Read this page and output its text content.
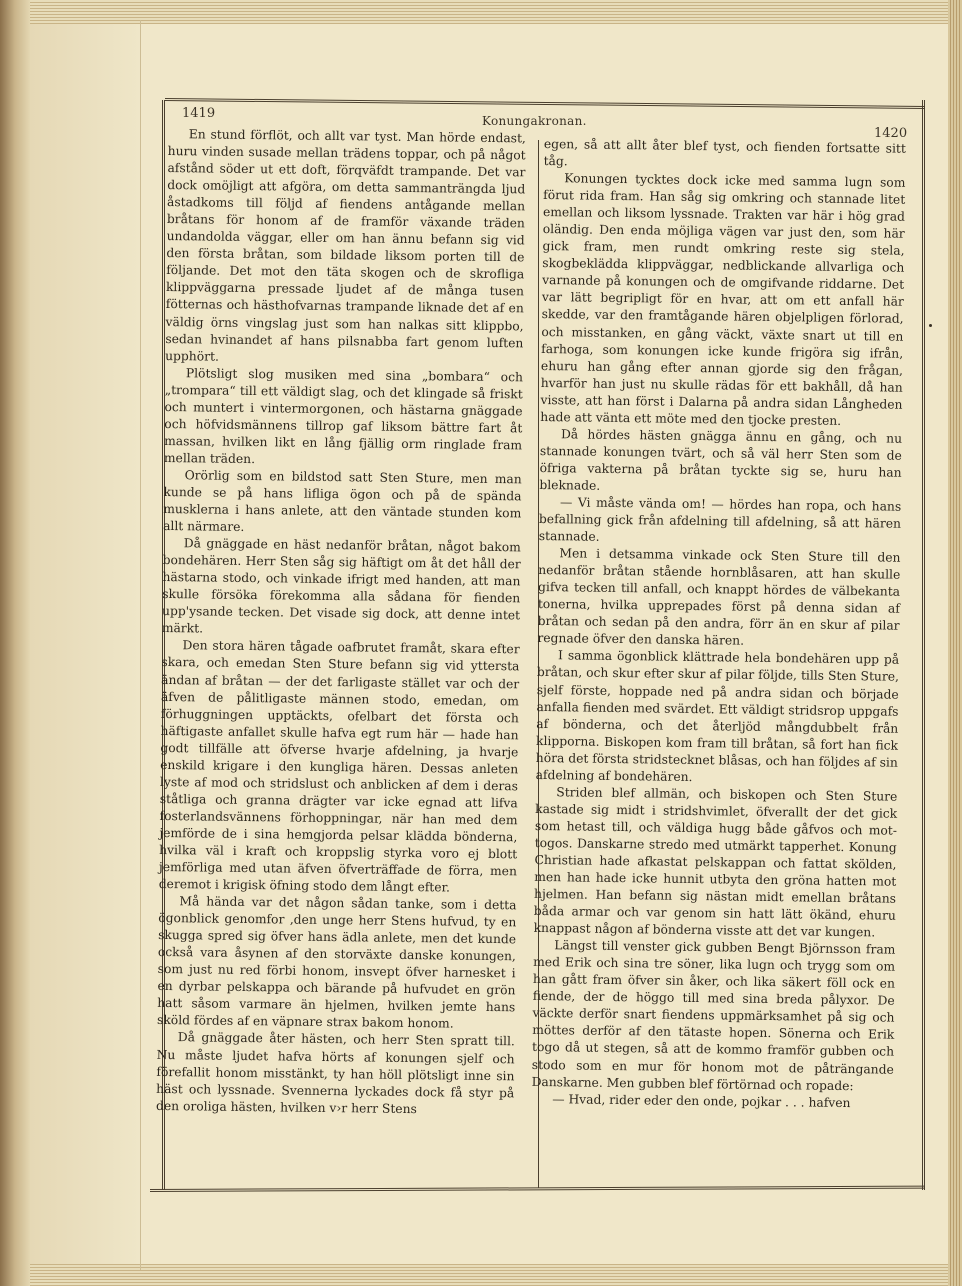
1419	Konungakronan.
1420

En stund förflöt, och allt var tyst. Man hörde endast, huru vinden susade mellan trädens toppar, och på något afstånd söder ut ett doft, förqväfdt trampande. Det var dock omöjligt att afgöra, om detta sammanträngda ljud åstadkoms till följd af fiendens antågande mellan bråtans för honom af de framför växande träden undandolda väggar, eller om han ännu befann sig vid den första bråtan, som bildade liksom porten till de följande. Det mot den täta skogen och de skrofliga klippväggarna pressade ljudet af de många tusen fötternas och hästhofvarnas trampande liknade det af en väldig örns vingslag just som han nalkas sitt klippbo, sedan hvinandet af hans pilsnabba fart genom luften upphört.

Plötsligt slog musiken med sina „bombara“ och „trompara“ till ett väldigt slag, och det klingade så friskt och muntert i vintermorgonen, och hästarna gnäggade och höfvidsmännens tillrop gaf liksom bättre fart åt massan, hvilken likt en lång fjällig orm ringlade fram mellan träden.

Orörlig som en bildstod satt Sten Sture, men man kunde se på hans lifliga ögon och på de spända musklerna i hans anlete, att den väntade stunden kom allt närmare.

Då gnäggade en häst nedanför bråtan, något bakom bondehären. Herr Sten såg sig häftigt om åt det håll der hästarna stodo, och vinkade ifrigt med handen, att man skulle försöka förekomma alla sådana för fienden upp'ysande tecken. Det visade sig dock, att denne intet märkt.

Den stora hären tågade oafbrutet framåt, skara efter skara, och emedan Sten Sture befann sig vid yttersta ändan af bråtan — der det farligaste stället var och der äfven de pålitligaste männen stodo, emedan, om förhuggningen upptäckts, ofelbart det första och häftigaste anfallet skulle hafva egt rum här — hade han godt tillfälle att öfverse hvarje afdelning, ja hvarje enskild krigare i den kungliga hären. Dessas anleten lyste af mod och stridslust och anblicken af dem i deras ståtliga och granna drägter var icke egnad att lifva fosterlandsvännens förhoppningar, när han med dem jemförde de i sina hemgjorda pelsar klädda bönderna, hvilka väl i kraft och kroppslig styrka voro ej blott jemförliga med utan äfven öfverträffade de förra, men deremot i krigisk öfning stodo dem långt efter.

Må hända var det någon sådan tanke, som i detta ögonblick genomfor ‚den unge herr Stens hufvud, ty en skugga spred sig öfver hans ädla anlete, men det kunde också vara åsynen af den storväxte danske konungen, som just nu red förbi honom, insvept öfver harnesket i en dyrbar pelskappa och bärande på hufvudet en grön hatt såsom varmare än hjelmen, hvilken jemte hans sköld fördes af en väpnare strax bakom honom.

Då gnäggade åter hästen, och herr Sten spratt till. Nu måste ljudet hafva hörts af konungen sjelf och förefallit honom misstänkt, ty han höll plötsligt inne sin häst och lyssnade. Svennerna lyckades dock få styr på den oroliga hästen, hvilken v›r herr Stens

egen, så att allt åter blef tyst, och fienden fortsatte sitt tåg.

Konungen tycktes dock icke med samma lugn som förut rida fram. Han såg sig omkring och stannade litet emellan och liksom lyssnade. Trakten var här i hög grad oländig. Den enda möjliga vägen var just den, som här gick fram, men rundt omkring reste sig stela, skogbeklädda klippväggar, nedblickande allvarliga och varnande på konungen och de omgifvande riddarne. Det var lätt begripligt för en hvar, att om ett anfall här skedde, var den framtågande hären objelpligen förlorad, och misstanken, en gång väckt, växte snart ut till en farhoga, som konungen icke kunde frigöra sig ifrån, ehuru han gång efter annan gjorde sig den frågan, hvarför han just nu skulle rädas för ett bakhåll, då han visste, att han först i Dalarna på andra sidan Långheden hade att vänta ett möte med den tjocke presten.

Då hördes hästen gnägga ännu en gång, och nu stannade konungen tvärt, och så väl herr Sten som de öfriga vakterna på bråtan tyckte sig se, huru han bleknade.

— Vi måste vända om! — hördes han ropa, och hans befallning gick från afdelning till afdelning, så att hären stannade.

Men i detsamma vinkade ock Sten Sture till den nedanför bråtan stående hornblåsaren, att han skulle gifva tecken till anfall, och knappt hördes de välbekanta tonerna, hvilka upprepades först på denna sidan af bråtan och sedan på den andra, förr än en skur af pilar regnade öfver den danska hären.

I samma ögonblick klättrade hela bondehären upp på bråtan, och skur efter skur af pilar följde, tills Sten Sture, sjelf förste, hoppade ned på andra sidan och började anfalla fienden med svärdet. Ett väldigt stridsrop uppgafs af bönderna, och det återljöd mångdubbelt från klipporna. Biskopen kom fram till bråtan, så fort han fick höra det första stridstecknet blåsas, och han följdes af sin afdelning af bondehären.

Striden blef allmän, och biskopen och Sten Sture kastade sig midt i stridshvimlet, öfverallt der det gick som hetast till, och väldiga hugg både gåfvos och mottogos. Danskarne stredo med utmärkt tapperhet. Konung Christian hade afkastat pelskappan och fattat skölden, men han hade icke hunnit utbyta den gröna hatten mot hjelmen. Han befann sig nästan midt emellan bråtans båda armar och var genom sin hatt lätt ökänd, ehuru knappast någon af bönderna visste att det var kungen.

Längst till venster gick gubben Bengt Björnsson fram med Erik och sina tre söner, lika lugn och trygg som om han gått fram öfver sin åker, och lika säkert föll ock en fiende, der de höggo till med sina breda pålyxor. De väckte derför snart fiendens uppmärksamhet på sig och möttes derför af den tätaste hopen. Sönerna och Erik togo då ut stegen, så att de kommo framför gubben och stodo som en mur för honom mot de påträngande Danskarne. Men gubben blef förtörnad och ropade:

— Hvad, rider eder den onde, pojkar . . . hafven
